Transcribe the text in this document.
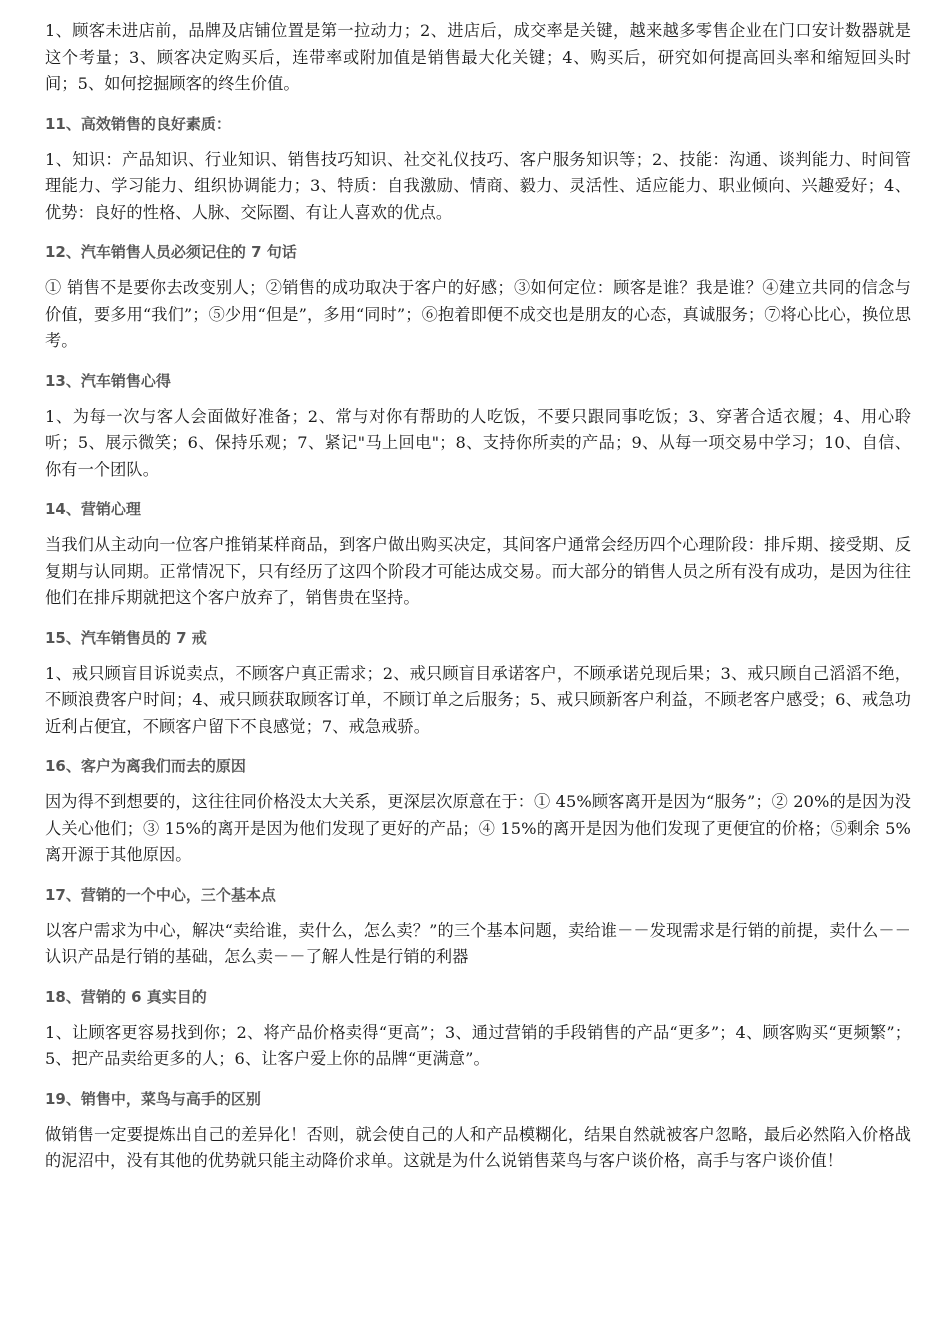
1、顾客未进店前，品牌及店铺位置是第一拉动力；2、进店后，成交率是关键，越来越多零售企业在门口安计数器就是这个考量；3、顾客决定购买后，连带率或附加值是销售最大化关键；4、购买后，研究如何提高回头率和缩短回头时间；5、如何挖掘顾客的终生价值。

11、高效销售的良好素质：

1、知识：产品知识、行业知识、销售技巧知识、社交礼仪技巧、客户服务知识等；2、技能：沟通、谈判能力、时间管理能力、学习能力、组织协调能力；3、特质：自我激励、情商、毅力、灵活性、适应能力、职业倾向、兴趣爱好；4、优势：良好的性格、人脉、交际圈、有让人喜欢的优点。

12、汽车销售人员必须记住的 7 句话

① 销售不是要你去改变别人；②销售的成功取决于客户的好感；③如何定位：顾客是谁？我是谁？④建立共同的信念与价值，要多用“我们”；⑤少用“但是”，多用“同时”；⑥抱着即便不成交也是朋友的心态，真诚服务；⑦将心比心，换位思考。

13、汽车销售心得

1、为每一次与客人会面做好准备；2、常与对你有帮助的人吃饭，不要只跟同事吃饭；3、穿著合适衣履；4、用心聆听；5、展示微笑；6、保持乐观；7、紧记"马上回电"；8、支持你所卖的产品；9、从每一项交易中学习；10、自信、你有一个团队。

14、营销心理

当我们从主动向一位客户推销某样商品，到客户做出购买决定，其间客户通常会经历四个心理阶段：排斥期、接受期、反复期与认同期。正常情况下，只有经历了这四个阶段才可能达成交易。而大部分的销售人员之所有没有成功，是因为往往他们在排斥期就把这个客户放弃了，销售贵在坚持。

15、汽车销售员的 7 戒

1、戒只顾盲目诉说卖点，不顾客户真正需求；2、戒只顾盲目承诺客户，不顾承诺兑现后果；3、戒只顾自己滔滔不绝，不顾浪费客户时间；4、戒只顾获取顾客订单，不顾订单之后服务；5、戒只顾新客户利益，不顾老客户感受；6、戒急功近利占便宜，不顾客户留下不良感觉；7、戒急戒骄。

16、客户为离我们而去的原因

因为得不到想要的，这往往同价格没太大关系，更深层次原意在于：① 45%顾客离开是因为“服务”；② 20%的是因为没人关心他们；③ 15%的离开是因为他们发现了更好的产品；④ 15%的离开是因为他们发现了更便宜的价格；⑤剩余 5%离开源于其他原因。

17、营销的一个中心，三个基本点

以客户需求为中心，解决“卖给谁，卖什么，怎么卖？”的三个基本问题，卖给谁－－发现需求是行销的前提，卖什么－－认识产品是行销的基础，怎么卖－－了解人性是行销的利器

18、营销的 6 真实目的

1、让顾客更容易找到你；2、将产品价格卖得“更高”；3、通过营销的手段销售的产品“更多”；4、顾客购买“更频繁”；5、把产品卖给更多的人；6、让客户爱上你的品牌“更满意”。

19、销售中，菜鸟与高手的区别

做销售一定要提炼出自己的差异化！否则，就会使自己的人和产品模糊化，结果自然就被客户忽略，最后必然陷入价格战的泥沼中，没有其他的优势就只能主动降价求单。这就是为什么说销售菜鸟与客户谈价格，高手与客户谈价值！
